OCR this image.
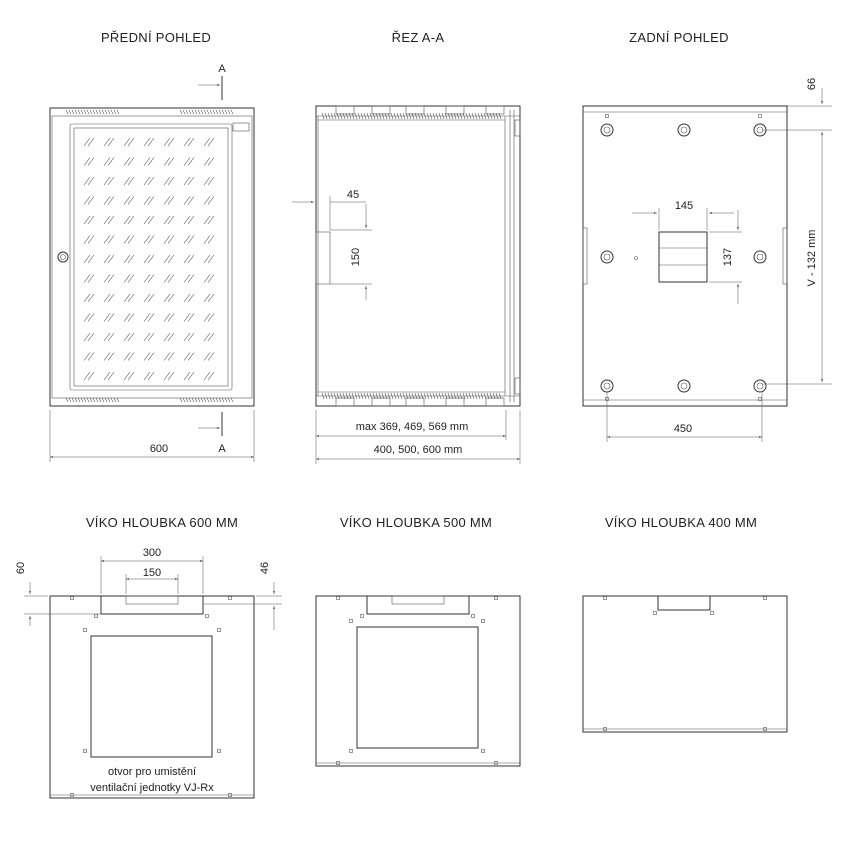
PŘEDNÍ POHLED	ŘEZ A-A	ZADNÍ POHLED
VÍKO HLOUBKA 600 MM	VÍKO HLOUBKA 500 MM	VÍKO HLOUBKA 400 MM
A
A
600
45
150
max 369, 469, 569 mm
400, 500, 600 mm
145
137
66
V - 132 mm
450
300
150
60	46
otvor pro umistění
ventilační jednotky VJ-Rx
